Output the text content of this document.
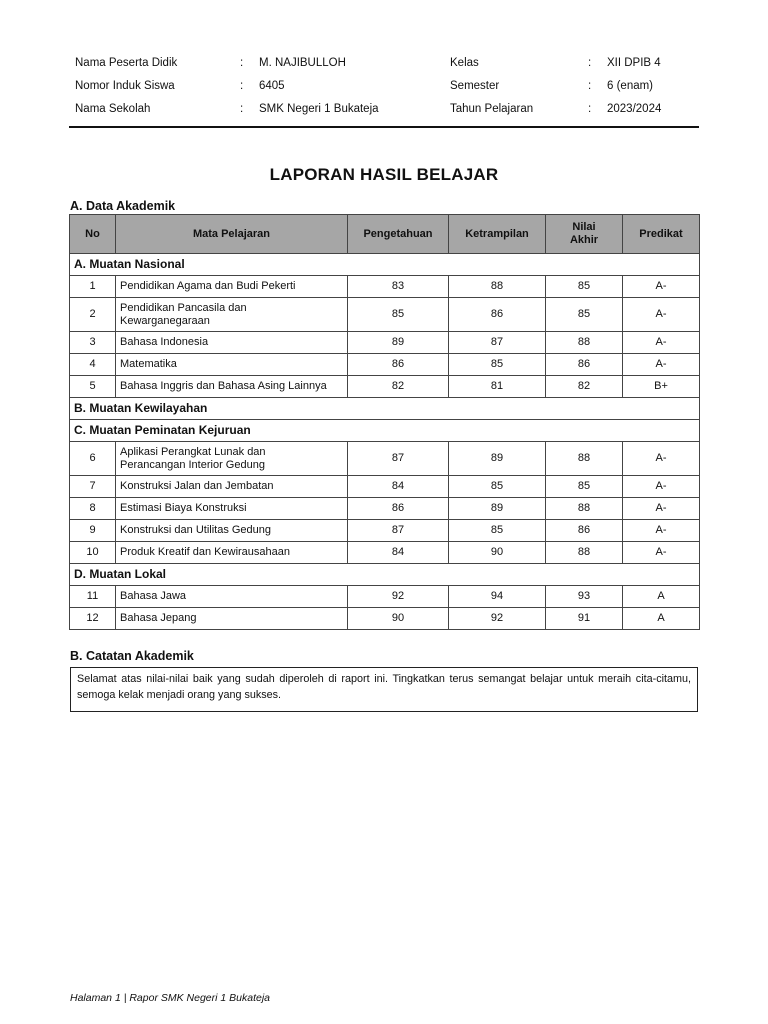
Nama Peserta Didik	: M. NAJIBULLOH	Kelas	: XII DPIB 4
Nomor Induk Siswa	: 6405	Semester	: 6 (enam)
Nama Sekolah	: SMK Negeri 1 Bukateja	Tahun Pelajaran	: 2023/2024
LAPORAN HASIL BELAJAR
A. Data Akademik
No	Mata Pelajaran	Pengetahuan	Ketrampilan	Nilai
Akhir	Predikat
A. Muatan Nasional					
1	Pendidikan Agama dan Budi Pekerti	83	88	85	A-
2	Pendidikan Pancasila dan
Kewarganegaraan	85	86	85	A-
3	Bahasa Indonesia	89	87	88	A-
4	Matematika	86	85	86	A-
5	Bahasa Inggris dan Bahasa Asing Lainnya	82	81	82	B+
B. Muatan Kewilayahan					
C. Muatan Peminatan Kejuruan					
6	Aplikasi Perangkat Lunak dan
Perancangan Interior Gedung	87	89	88	A-
7	Konstruksi Jalan dan Jembatan	84	85	85	A-
8	Estimasi Biaya Konstruksi	86	89	88	A-
9	Konstruksi dan Utilitas Gedung	87	85	86	A-
10	Produk Kreatif dan Kewirausahaan	84	90	88	A-
D. Muatan Lokal					
11	Bahasa Jawa	92	94	93	A
12	Bahasa Jepang	90	92	91	A
B. Catatan Akademik
Selamat atas nilai-nilai baik yang sudah diperoleh di raport ini. Tingkatkan terus semangat belajar untuk meraih cita-citamu, semoga kelak menjadi orang yang sukses.
Halaman 1 | Rapor SMK Negeri 1 Bukateja
